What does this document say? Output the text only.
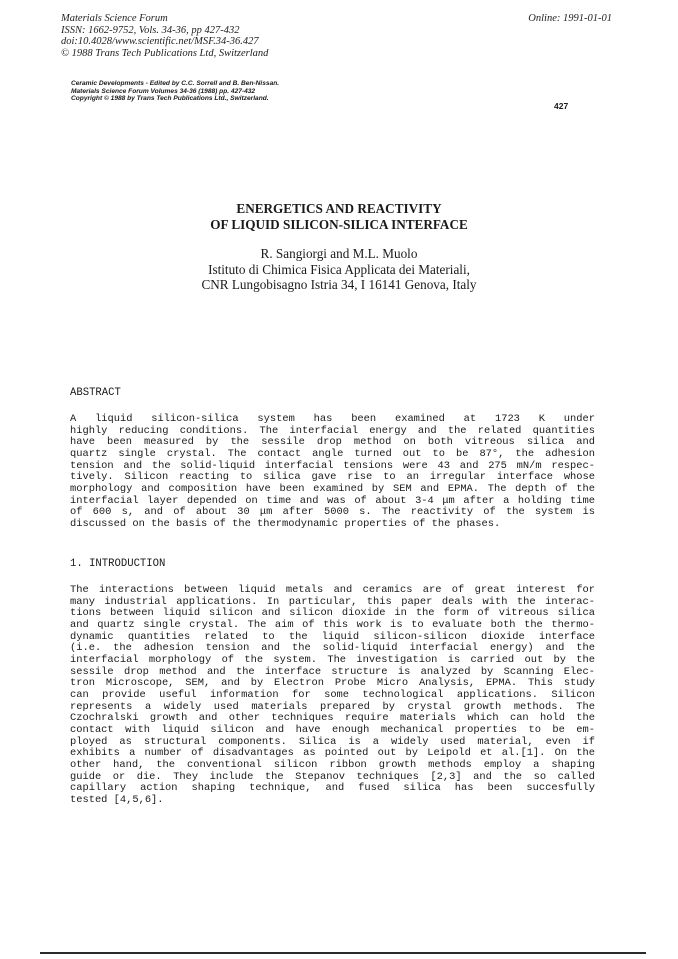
Materials Science Forum
ISSN: 1662-9752, Vols. 34-36, pp 427-432
doi:10.4028/www.scientific.net/MSF.34-36.427
© 1988 Trans Tech Publications Ltd, Switzerland
Online: 1991-01-01
Ceramic Developments - Edited by C.C. Sorrell and B. Ben-Nissan.
Materials Science Forum Volumes 34-36 (1988) pp. 427-432
Copyright © 1988 by Trans Tech Publications Ltd., Switzerland.
427
ENERGETICS AND REACTIVITY
OF LIQUID SILICON-SILICA INTERFACE
R. Sangiorgi and M.L. Muolo
Istituto di Chimica Fisica Applicata dei Materiali,
CNR Lungobisagno Istria 34, I 16141 Genova, Italy
ABSTRACT
A liquid silicon-silica system has been examined at 1723 K under
highly reducing conditions. The interfacial energy and the related quantities
have been measured by the sessile drop method on both vitreous silica and
quartz single crystal. The contact angle turned out to be 87°, the adhesion
tension and the solid-liquid interfacial tensions were 43 and 275 mN/m respec-
tively. Silicon reacting to silica gave rise to an irregular interface whose
morphology and composition have been examined by SEM and EPMA. The depth of the
interfacial layer depended on time and was of about 3-4 μm after a holding time
of 600 s, and of about 30 μm after 5000 s. The reactivity of the system is
discussed on the basis of the thermodynamic properties of the phases.
1. INTRODUCTION
The interactions between liquid metals and ceramics are of great interest for
many industrial applications. In particular, this paper deals with the interac-
tions between liquid silicon and silicon dioxide in the form of vitreous silica
and quartz single crystal. The aim of this work is to evaluate both the thermo-
dynamic quantities related to the liquid silicon-silicon dioxide interface
(i.e. the adhesion tension and the solid-liquid interfacial energy) and the
interfacial morphology of the system. The investigation is carried out by the
sessile drop method and the interface structure is analyzed by Scanning Elec-
tron Microscope, SEM, and by Electron Probe Micro Analysis, EPMA. This study
can provide useful information for some technological applications. Silicon
represents a widely used materials prepared by crystal growth methods. The
Czochralski growth and other techniques require materials which can hold the
contact with liquid silicon and have enough mechanical properties to be em-
ployed as structural components. Silica is a widely used material, even if
exhibits a number of disadvantages as pointed out by Leipold et al.[1]. On the
other hand, the conventional silicon ribbon growth methods employ a shaping
guide or die. They include the Stepanov techniques [2,3] and the so called
capillary action shaping technique, and fused silica has been succesfully
tested [4,5,6].
